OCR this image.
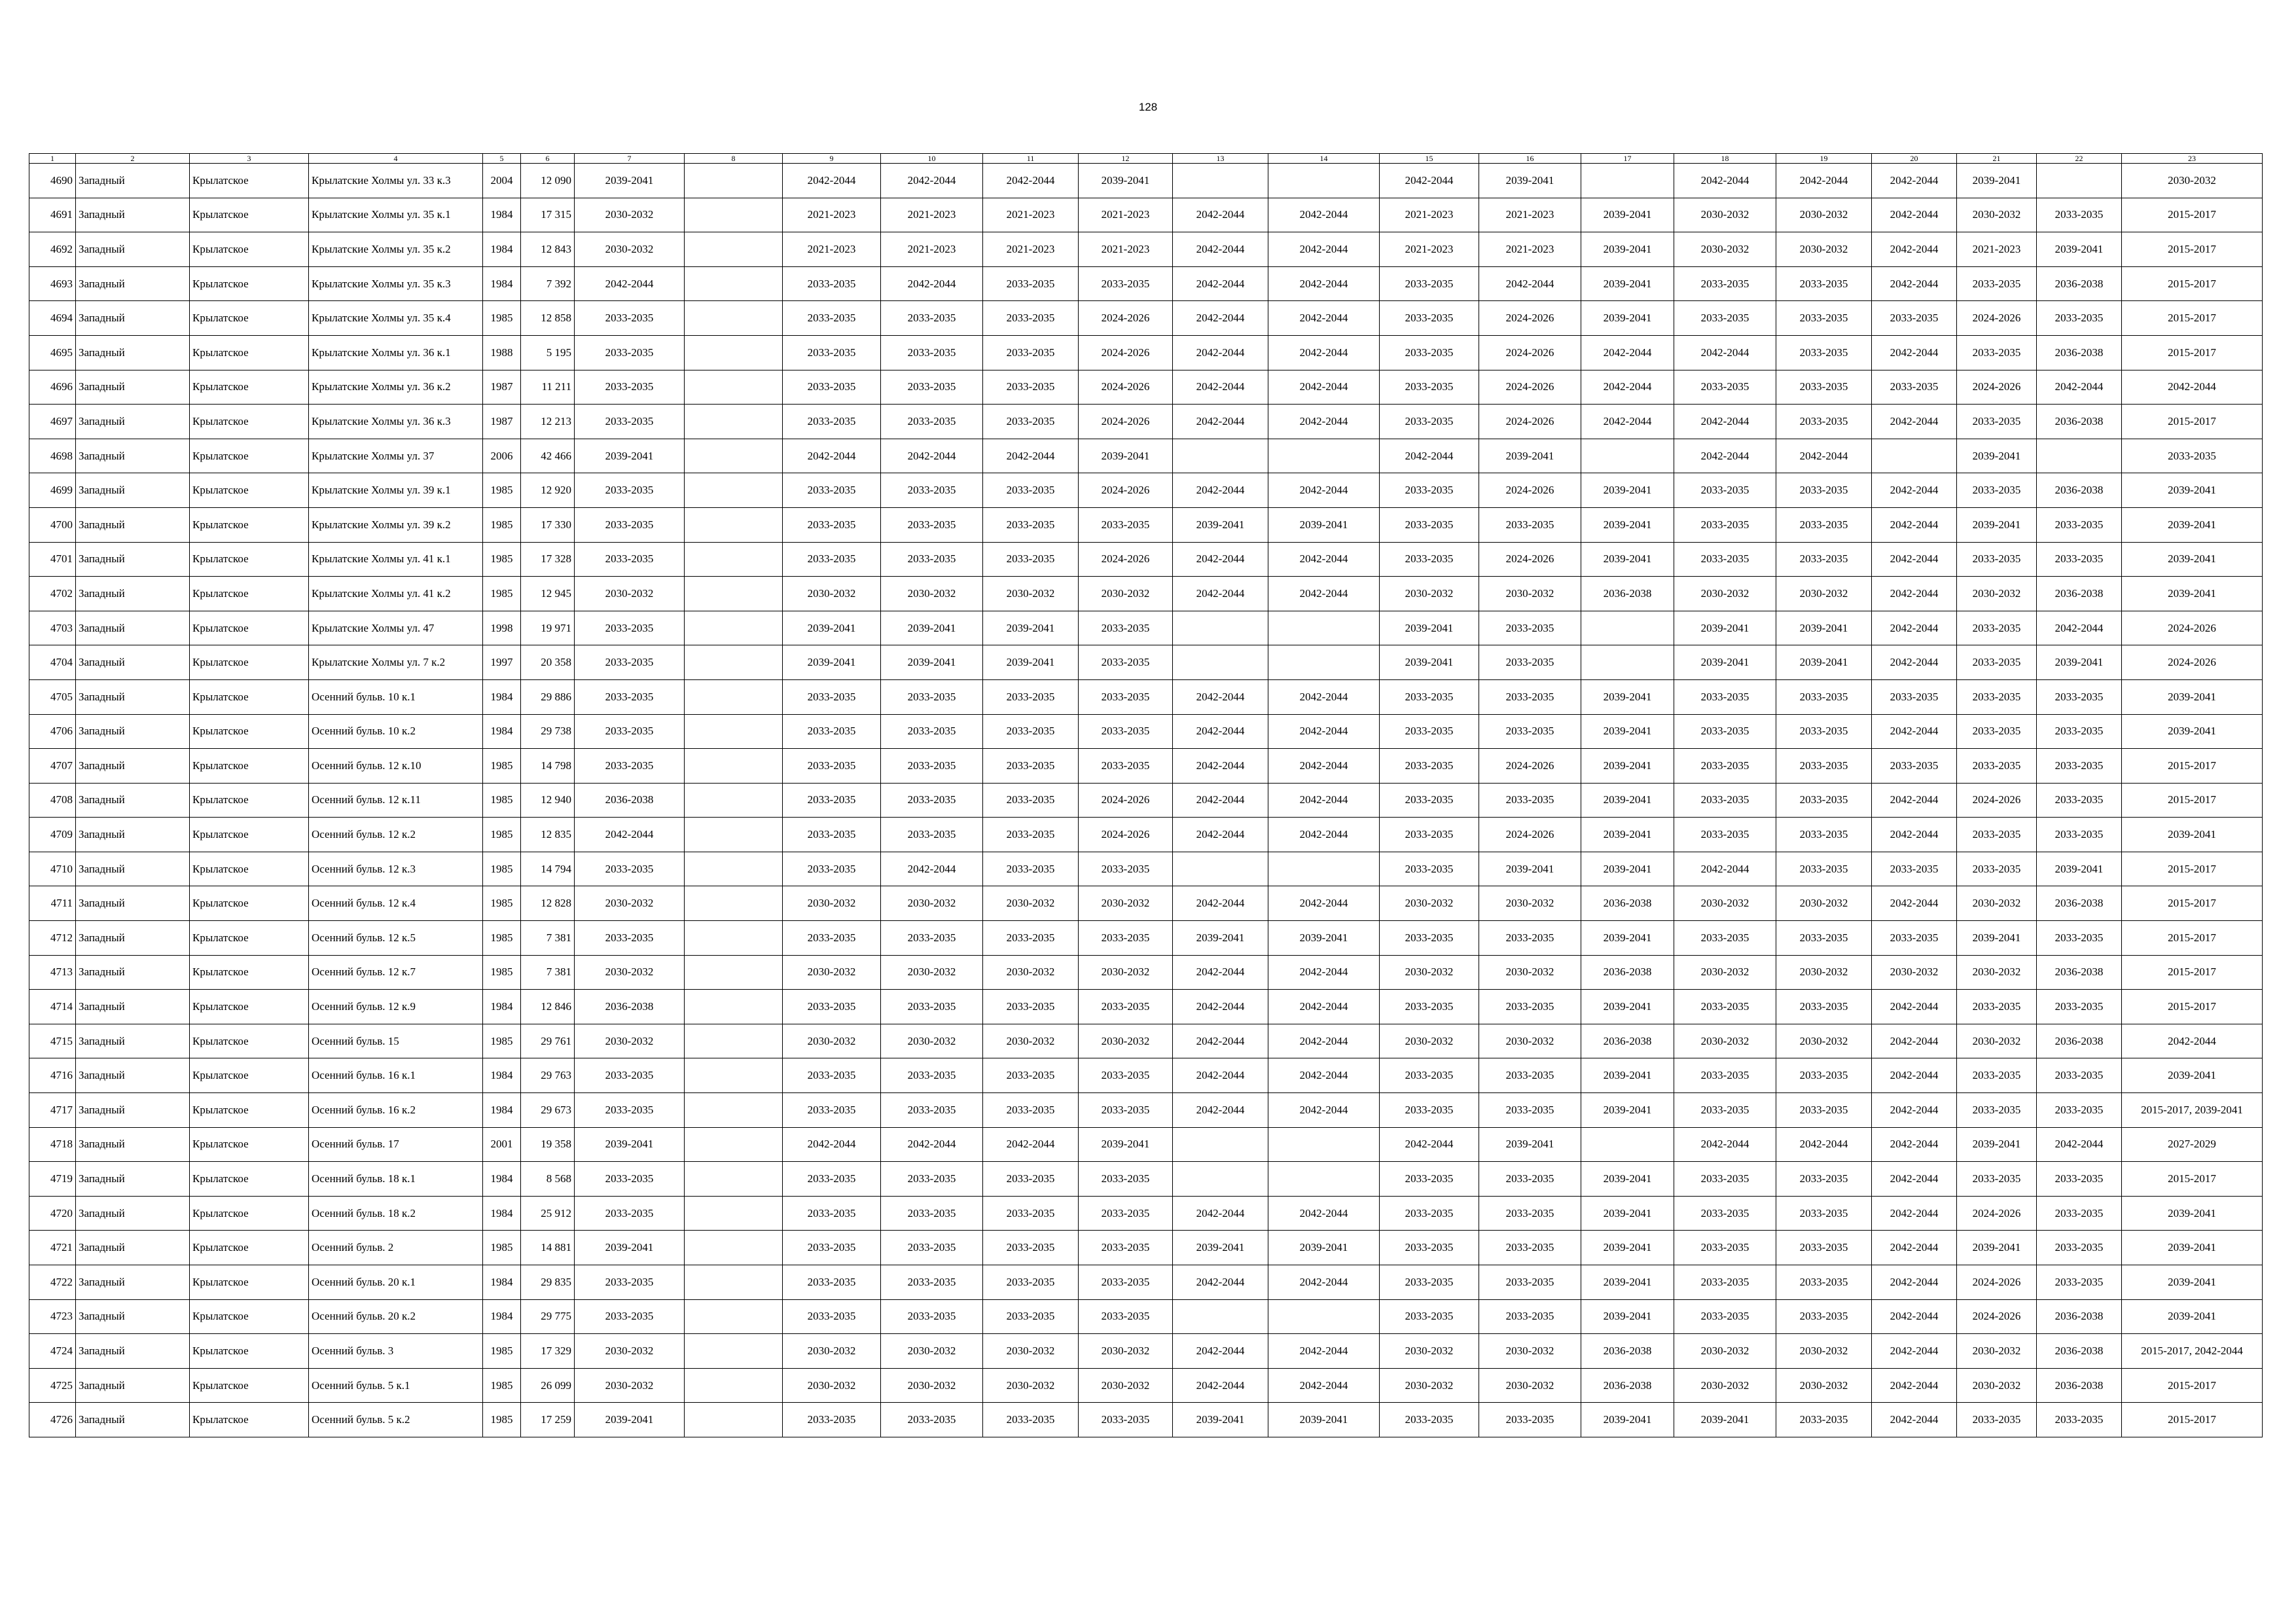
128
1	2	3	4	5	6	7	8	9	10	11	12	13	14	15	16	17	18	19	20	21	22	23
4690	Западный	Крылатское	Крылатские Холмы ул. 33 к.3	2004	12 090	2039-2041		2042-2044	2042-2044	2042-2044	2039-2041			2042-2044	2039-2041		2042-2044	2042-2044	2042-2044	2039-2041		2030-2032
4691	Западный	Крылатское	Крылатские Холмы ул. 35 к.1	1984	17 315	2030-2032		2021-2023	2021-2023	2021-2023	2021-2023	2042-2044	2042-2044	2021-2023	2021-2023	2039-2041	2030-2032	2030-2032	2042-2044	2030-2032	2033-2035	2015-2017
4692	Западный	Крылатское	Крылатские Холмы ул. 35 к.2	1984	12 843	2030-2032		2021-2023	2021-2023	2021-2023	2021-2023	2042-2044	2042-2044	2021-2023	2021-2023	2039-2041	2030-2032	2030-2032	2042-2044	2021-2023	2039-2041	2015-2017
4693	Западный	Крылатское	Крылатские Холмы ул. 35 к.3	1984	7 392	2042-2044		2033-2035	2042-2044	2033-2035	2033-2035	2042-2044	2042-2044	2033-2035	2042-2044	2039-2041	2033-2035	2033-2035	2042-2044	2033-2035	2036-2038	2015-2017
4694	Западный	Крылатское	Крылатские Холмы ул. 35 к.4	1985	12 858	2033-2035		2033-2035	2033-2035	2033-2035	2024-2026	2042-2044	2042-2044	2033-2035	2024-2026	2039-2041	2033-2035	2033-2035	2033-2035	2024-2026	2033-2035	2015-2017
4695	Западный	Крылатское	Крылатские Холмы ул. 36 к.1	1988	5 195	2033-2035		2033-2035	2033-2035	2033-2035	2024-2026	2042-2044	2042-2044	2033-2035	2024-2026	2042-2044	2042-2044	2033-2035	2042-2044	2033-2035	2036-2038	2015-2017
4696	Западный	Крылатское	Крылатские Холмы ул. 36 к.2	1987	11 211	2033-2035		2033-2035	2033-2035	2033-2035	2024-2026	2042-2044	2042-2044	2033-2035	2024-2026	2042-2044	2033-2035	2033-2035	2033-2035	2024-2026	2042-2044	2042-2044
4697	Западный	Крылатское	Крылатские Холмы ул. 36 к.3	1987	12 213	2033-2035		2033-2035	2033-2035	2033-2035	2024-2026	2042-2044	2042-2044	2033-2035	2024-2026	2042-2044	2042-2044	2033-2035	2042-2044	2033-2035	2036-2038	2015-2017
4698	Западный	Крылатское	Крылатские Холмы ул. 37	2006	42 466	2039-2041		2042-2044	2042-2044	2042-2044	2039-2041			2042-2044	2039-2041		2042-2044	2042-2044		2039-2041		2033-2035
4699	Западный	Крылатское	Крылатские Холмы ул. 39 к.1	1985	12 920	2033-2035		2033-2035	2033-2035	2033-2035	2024-2026	2042-2044	2042-2044	2033-2035	2024-2026	2039-2041	2033-2035	2033-2035	2042-2044	2033-2035	2036-2038	2039-2041
4700	Западный	Крылатское	Крылатские Холмы ул. 39 к.2	1985	17 330	2033-2035		2033-2035	2033-2035	2033-2035	2033-2035	2039-2041	2039-2041	2033-2035	2033-2035	2039-2041	2033-2035	2033-2035	2042-2044	2039-2041	2033-2035	2039-2041
4701	Западный	Крылатское	Крылатские Холмы ул. 41 к.1	1985	17 328	2033-2035		2033-2035	2033-2035	2033-2035	2024-2026	2042-2044	2042-2044	2033-2035	2024-2026	2039-2041	2033-2035	2033-2035	2042-2044	2033-2035	2033-2035	2039-2041
4702	Западный	Крылатское	Крылатские Холмы ул. 41 к.2	1985	12 945	2030-2032		2030-2032	2030-2032	2030-2032	2030-2032	2042-2044	2042-2044	2030-2032	2030-2032	2036-2038	2030-2032	2030-2032	2042-2044	2030-2032	2036-2038	2039-2041
4703	Западный	Крылатское	Крылатские Холмы ул. 47	1998	19 971	2033-2035		2039-2041	2039-2041	2039-2041	2033-2035			2039-2041	2033-2035		2039-2041	2039-2041	2042-2044	2033-2035	2042-2044	2024-2026
4704	Западный	Крылатское	Крылатские Холмы ул. 7 к.2	1997	20 358	2033-2035		2039-2041	2039-2041	2039-2041	2033-2035			2039-2041	2033-2035		2039-2041	2039-2041	2042-2044	2033-2035	2039-2041	2024-2026
4705	Западный	Крылатское	Осенний бульв. 10 к.1	1984	29 886	2033-2035		2033-2035	2033-2035	2033-2035	2033-2035	2042-2044	2042-2044	2033-2035	2033-2035	2039-2041	2033-2035	2033-2035	2033-2035	2033-2035	2033-2035	2039-2041
4706	Западный	Крылатское	Осенний бульв. 10 к.2	1984	29 738	2033-2035		2033-2035	2033-2035	2033-2035	2033-2035	2042-2044	2042-2044	2033-2035	2033-2035	2039-2041	2033-2035	2033-2035	2042-2044	2033-2035	2033-2035	2039-2041
4707	Западный	Крылатское	Осенний бульв. 12 к.10	1985	14 798	2033-2035		2033-2035	2033-2035	2033-2035	2033-2035	2042-2044	2042-2044	2033-2035	2024-2026	2039-2041	2033-2035	2033-2035	2033-2035	2033-2035	2033-2035	2015-2017
4708	Западный	Крылатское	Осенний бульв. 12 к.11	1985	12 940	2036-2038		2033-2035	2033-2035	2033-2035	2024-2026	2042-2044	2042-2044	2033-2035	2033-2035	2039-2041	2033-2035	2033-2035	2042-2044	2024-2026	2033-2035	2015-2017
4709	Западный	Крылатское	Осенний бульв. 12 к.2	1985	12 835	2042-2044		2033-2035	2033-2035	2033-2035	2024-2026	2042-2044	2042-2044	2033-2035	2024-2026	2039-2041	2033-2035	2033-2035	2042-2044	2033-2035	2033-2035	2039-2041
4710	Западный	Крылатское	Осенний бульв. 12 к.3	1985	14 794	2033-2035		2033-2035	2042-2044	2033-2035	2033-2035			2033-2035	2039-2041	2039-2041	2042-2044	2033-2035	2033-2035	2033-2035	2039-2041	2015-2017
4711	Западный	Крылатское	Осенний бульв. 12 к.4	1985	12 828	2030-2032		2030-2032	2030-2032	2030-2032	2030-2032	2042-2044	2042-2044	2030-2032	2030-2032	2036-2038	2030-2032	2030-2032	2042-2044	2030-2032	2036-2038	2015-2017
4712	Западный	Крылатское	Осенний бульв. 12 к.5	1985	7 381	2033-2035		2033-2035	2033-2035	2033-2035	2033-2035	2039-2041	2039-2041	2033-2035	2033-2035	2039-2041	2033-2035	2033-2035	2033-2035	2039-2041	2033-2035	2015-2017
4713	Западный	Крылатское	Осенний бульв. 12 к.7	1985	7 381	2030-2032		2030-2032	2030-2032	2030-2032	2030-2032	2042-2044	2042-2044	2030-2032	2030-2032	2036-2038	2030-2032	2030-2032	2030-2032	2030-2032	2036-2038	2015-2017
4714	Западный	Крылатское	Осенний бульв. 12 к.9	1984	12 846	2036-2038		2033-2035	2033-2035	2033-2035	2033-2035	2042-2044	2042-2044	2033-2035	2033-2035	2039-2041	2033-2035	2033-2035	2042-2044	2033-2035	2033-2035	2015-2017
4715	Западный	Крылатское	Осенний бульв. 15	1985	29 761	2030-2032		2030-2032	2030-2032	2030-2032	2030-2032	2042-2044	2042-2044	2030-2032	2030-2032	2036-2038	2030-2032	2030-2032	2042-2044	2030-2032	2036-2038	2042-2044
4716	Западный	Крылатское	Осенний бульв. 16 к.1	1984	29 763	2033-2035		2033-2035	2033-2035	2033-2035	2033-2035	2042-2044	2042-2044	2033-2035	2033-2035	2039-2041	2033-2035	2033-2035	2042-2044	2033-2035	2033-2035	2039-2041
4717	Западный	Крылатское	Осенний бульв. 16 к.2	1984	29 673	2033-2035		2033-2035	2033-2035	2033-2035	2033-2035	2042-2044	2042-2044	2033-2035	2033-2035	2039-2041	2033-2035	2033-2035	2042-2044	2033-2035	2033-2035	2015-2017, 2039-2041
4718	Западный	Крылатское	Осенний бульв. 17	2001	19 358	2039-2041		2042-2044	2042-2044	2042-2044	2039-2041			2042-2044	2039-2041		2042-2044	2042-2044	2042-2044	2039-2041	2042-2044	2027-2029
4719	Западный	Крылатское	Осенний бульв. 18 к.1	1984	8 568	2033-2035		2033-2035	2033-2035	2033-2035	2033-2035			2033-2035	2033-2035	2039-2041	2033-2035	2033-2035	2042-2044	2033-2035	2033-2035	2015-2017
4720	Западный	Крылатское	Осенний бульв. 18 к.2	1984	25 912	2033-2035		2033-2035	2033-2035	2033-2035	2033-2035	2042-2044	2042-2044	2033-2035	2033-2035	2039-2041	2033-2035	2033-2035	2042-2044	2024-2026	2033-2035	2039-2041
4721	Западный	Крылатское	Осенний бульв. 2	1985	14 881	2039-2041		2033-2035	2033-2035	2033-2035	2033-2035	2039-2041	2039-2041	2033-2035	2033-2035	2039-2041	2033-2035	2033-2035	2042-2044	2039-2041	2033-2035	2039-2041
4722	Западный	Крылатское	Осенний бульв. 20 к.1	1984	29 835	2033-2035		2033-2035	2033-2035	2033-2035	2033-2035	2042-2044	2042-2044	2033-2035	2033-2035	2039-2041	2033-2035	2033-2035	2042-2044	2024-2026	2033-2035	2039-2041
4723	Западный	Крылатское	Осенний бульв. 20 к.2	1984	29 775	2033-2035		2033-2035	2033-2035	2033-2035	2033-2035			2033-2035	2033-2035	2039-2041	2033-2035	2033-2035	2042-2044	2024-2026	2036-2038	2039-2041
4724	Западный	Крылатское	Осенний бульв. 3	1985	17 329	2030-2032		2030-2032	2030-2032	2030-2032	2030-2032	2042-2044	2042-2044	2030-2032	2030-2032	2036-2038	2030-2032	2030-2032	2042-2044	2030-2032	2036-2038	2015-2017, 2042-2044
4725	Западный	Крылатское	Осенний бульв. 5 к.1	1985	26 099	2030-2032		2030-2032	2030-2032	2030-2032	2030-2032	2042-2044	2042-2044	2030-2032	2030-2032	2036-2038	2030-2032	2030-2032	2042-2044	2030-2032	2036-2038	2015-2017
4726	Западный	Крылатское	Осенний бульв. 5 к.2	1985	17 259	2039-2041		2033-2035	2033-2035	2033-2035	2033-2035	2039-2041	2039-2041	2033-2035	2033-2035	2039-2041	2039-2041	2033-2035	2042-2044	2033-2035	2033-2035	2015-2017
